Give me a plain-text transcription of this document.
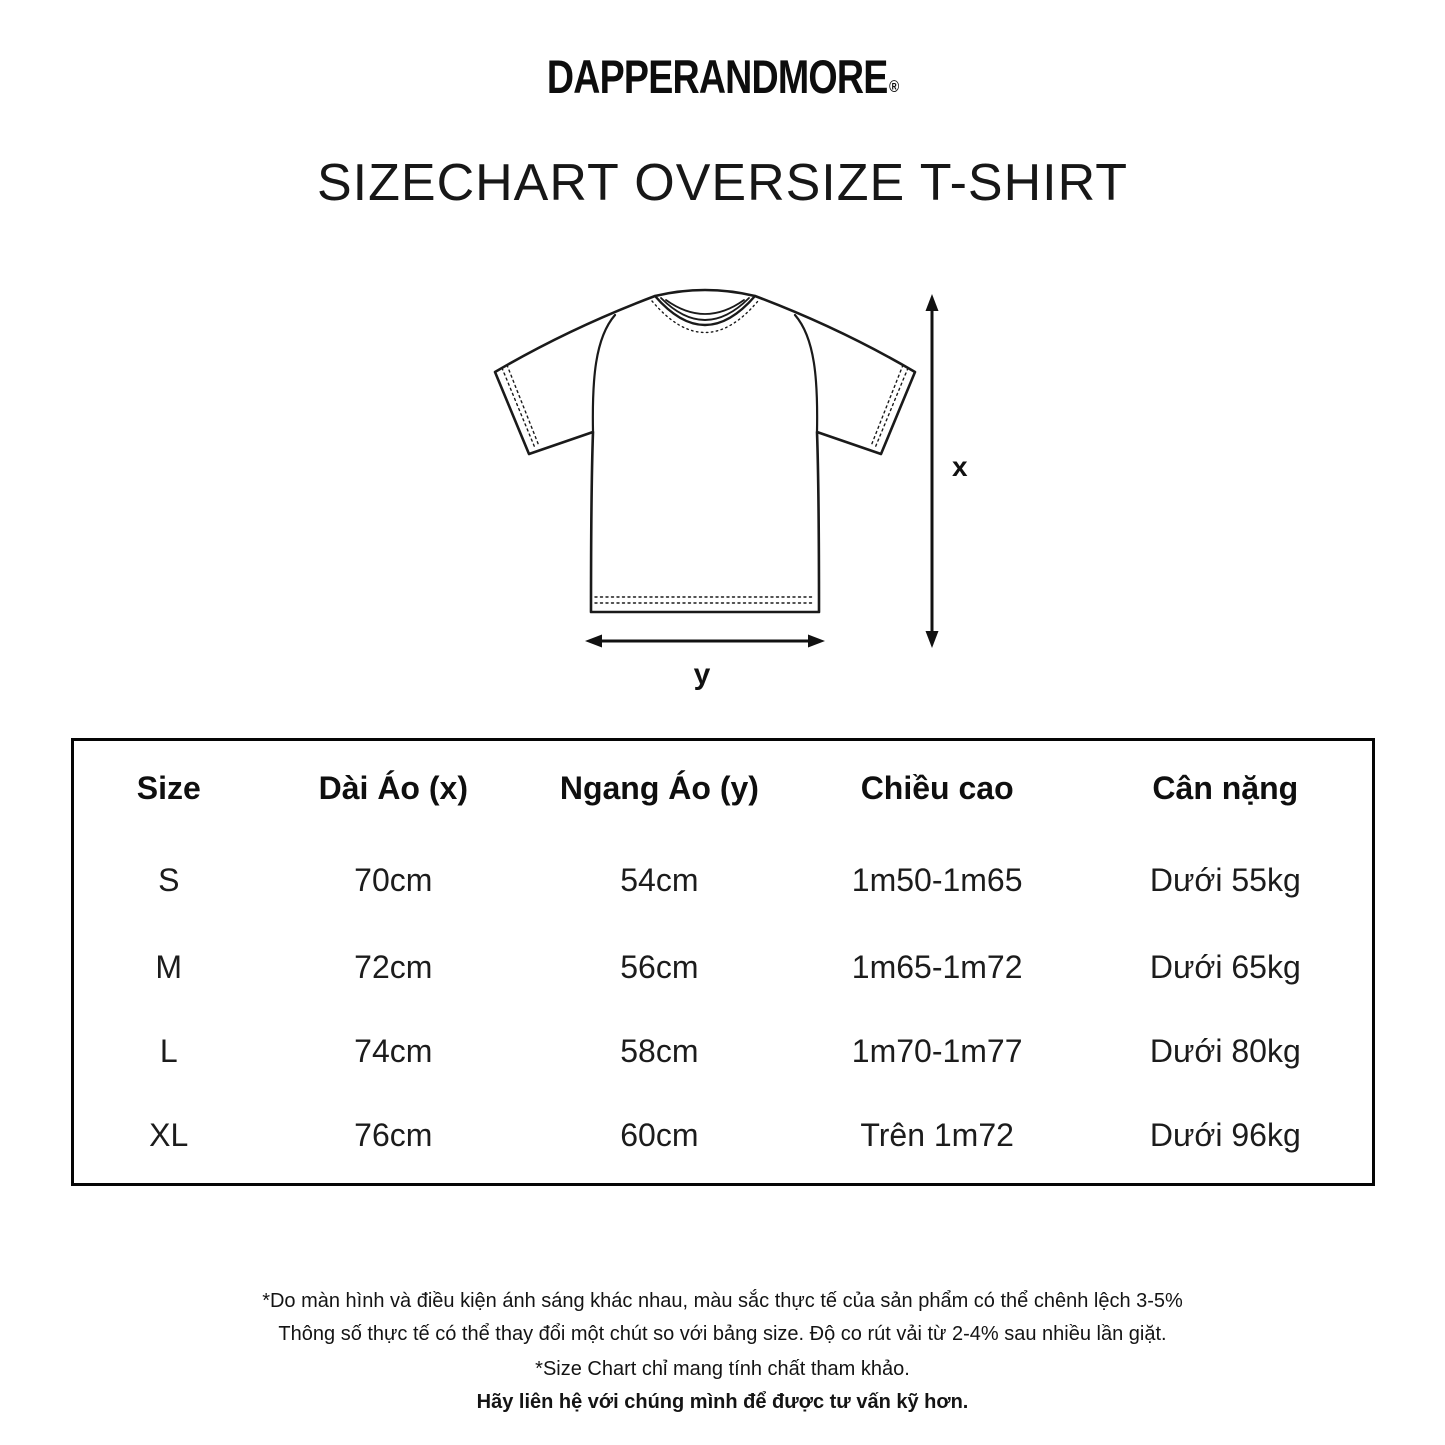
DAPPERANDMORE®
SIZECHART OVERSIZE T-SHIRT
x
y
Size	Dài Áo (x)	Ngang Áo (y)	Chiều cao	Cân nặng
S	70cm	54cm	1m50-1m65	Dưới 55kg
M	72cm	56cm	1m65-1m72	Dưới 65kg
L	74cm	58cm	1m70-1m77	Dưới 80kg
XL	76cm	60cm	Trên 1m72	Dưới 96kg
*Do màn hình và điều kiện ánh sáng khác nhau, màu sắc thực tế của sản phẩm có thể chênh lệch 3-5%
Thông số thực tế có thể thay đổi một chút so với bảng size. Độ co rút vải từ 2-4% sau nhiều lần giặt.
*Size Chart chỉ mang tính chất tham khảo.
Hãy liên hệ với chúng mình để được tư vấn kỹ hơn.
